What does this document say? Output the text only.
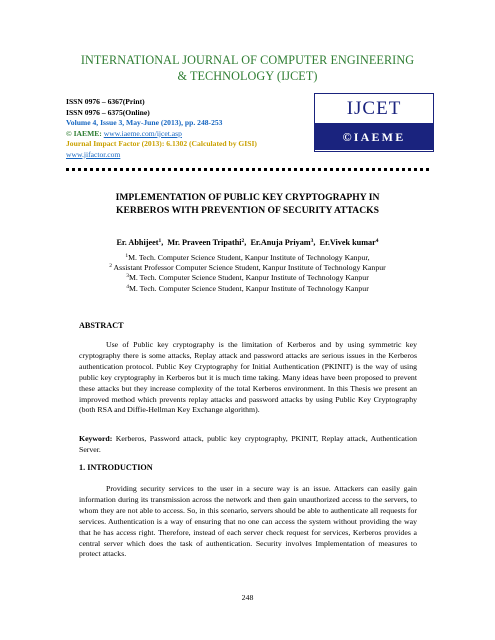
INTERNATIONAL JOURNAL OF COMPUTER ENGINEERING
& TECHNOLOGY (IJCET)
ISSN 0976 – 6367(Print)
ISSN 0976 – 6375(Online)
Volume 4, Issue 3, May-June (2013), pp. 248-253
© IAEME: www.iaeme.com/ijcet.asp
Journal Impact Factor (2013): 6.1302 (Calculated by GISI)
www.jifactor.com
IJCET
©IAEME
IMPLEMENTATION OF PUBLIC KEY CRYPTOGRAPHY IN
KERBEROS WITH PREVENTION OF SECURITY ATTACKS
Er. Abhijeet$^1$,  Mr. Praveen Tripathi$^2$,  Er.Anuja Priyam$^3$,  Er.Vivek kumar$^4$
$^1$M. Tech. Computer Science Student, Kanpur Institute of Technology Kanpur,
$^2$ Assistant Professor Computer Science Student, Kanpur Institute of Technology Kanpur
$^3$M. Tech. Computer Science Student, Kanpur Institute of Technology Kanpur
$^4$M. Tech. Computer Science Student, Kanpur Institute of Technology Kanpur
ABSTRACT

Use of Public key cryptography is the limitation of Kerberos and by using symmetric key cryptography there is some attacks, Replay attack and password attacks are serious issues in the Kerberos authentication protocol. Public Key Cryptography for Initial Authentication (PKINIT) is the way of using public key cryptography in Kerberos but it is much time taking. Many ideas have been proposed to prevent these attacks but they increase complexity of the total Kerberos environment. In this Thesis we present an improved method which prevents replay attacks and password attacks by using Public Key Cryptography (both RSA and Diffie-Hellman Key Exchange algorithm).

Keyword: Kerberos, Password attack, public key cryptography, PKINIT, Replay attack, Authentication Server.

1. INTRODUCTION

Providing security services to the user in a secure way is an issue. Attackers can easily gain information during its transmission across the network and then gain unauthorized access to the servers, to whom they are not able to access. So, in this scenario, servers should be able to authenticate all requests for services. Authentication is a way of ensuring that no one can access the system without providing the way that he has access right. Therefore, instead of each server check request for services, Kerberos provides a central server which does the task of authentication. Security involves Implementation of measures to protect attacks.

248
